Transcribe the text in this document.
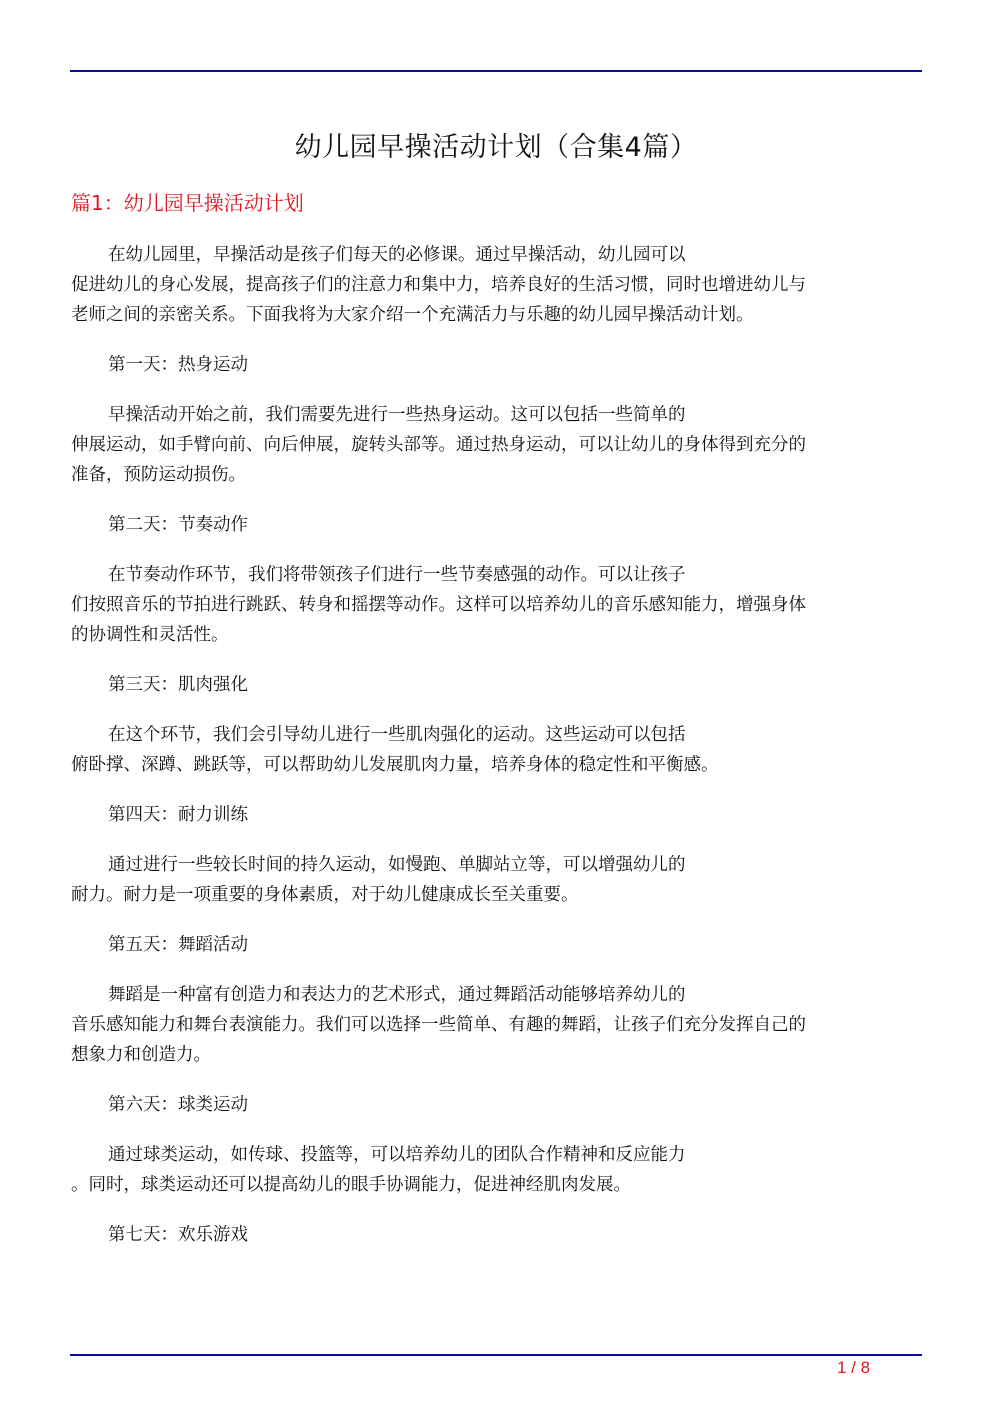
幼儿园早操活动计划（合集4篇）
篇1：幼儿园早操活动计划
在幼儿园里，早操活动是孩子们每天的必修课。通过早操活动，幼儿园可以
促进幼儿的身心发展，提高孩子们的注意力和集中力，培养良好的生活习惯，同时也增进幼儿与
老师之间的亲密关系。下面我将为大家介绍一个充满活力与乐趣的幼儿园早操活动计划。
第一天：热身运动
早操活动开始之前，我们需要先进行一些热身运动。这可以包括一些简单的
伸展运动，如手臂向前、向后伸展，旋转头部等。通过热身运动，可以让幼儿的身体得到充分的
准备，预防运动损伤。
第二天：节奏动作
在节奏动作环节，我们将带领孩子们进行一些节奏感强的动作。可以让孩子
们按照音乐的节拍进行跳跃、转身和摇摆等动作。这样可以培养幼儿的音乐感知能力，增强身体
的协调性和灵活性。
第三天：肌肉强化
在这个环节，我们会引导幼儿进行一些肌肉强化的运动。这些运动可以包括
俯卧撑、深蹲、跳跃等，可以帮助幼儿发展肌肉力量，培养身体的稳定性和平衡感。
第四天：耐力训练
通过进行一些较长时间的持久运动，如慢跑、单脚站立等，可以增强幼儿的
耐力。耐力是一项重要的身体素质，对于幼儿健康成长至关重要。
第五天：舞蹈活动
舞蹈是一种富有创造力和表达力的艺术形式，通过舞蹈活动能够培养幼儿的
音乐感知能力和舞台表演能力。我们可以选择一些简单、有趣的舞蹈，让孩子们充分发挥自己的
想象力和创造力。
第六天：球类运动
通过球类运动，如传球、投篮等，可以培养幼儿的团队合作精神和反应能力
。同时，球类运动还可以提高幼儿的眼手协调能力，促进神经肌肉发展。
第七天：欢乐游戏
1 / 8
